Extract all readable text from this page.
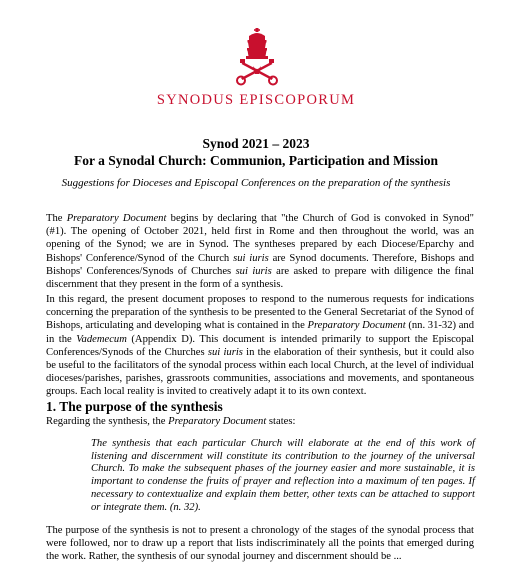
SYNODUS EPISCOPORUM
Synod 2021 – 2023
For a Synodal Church: Communion, Participation and Mission
Suggestions for Dioceses and Episcopal Conferences on the preparation of the synthesis
The Preparatory Document begins by declaring that "the Church of God is convoked in Synod" (#1). The opening of October 2021, held first in Rome and then throughout the world, was an opening of the Synod; we are in Synod. The syntheses prepared by each Diocese/Eparchy and Bishops' Conference/Synod of the Church sui iuris are Synod documents. Therefore, Bishops and Bishops' Conferences/Synods of Churches sui iuris are asked to prepare with diligence the final discernment that they present in the form of a synthesis.
In this regard, the present document proposes to respond to the numerous requests for indications concerning the preparation of the synthesis to be presented to the General Secretariat of the Synod of Bishops, articulating and developing what is contained in the Preparatory Document (nn. 31-32) and in the Vademecum (Appendix D). This document is intended primarily to support the Episcopal Conferences/Synods of the Churches sui iuris in the elaboration of their synthesis, but it could also be useful to the facilitators of the synodal process within each local Church, at the level of individual dioceses/parishes, parishes, grassroots communities, associations and movements, and spontaneous groups. Each local reality is invited to creatively adapt it to its own context.
1. The purpose of the synthesis
Regarding the synthesis, the Preparatory Document states:
The synthesis that each particular Church will elaborate at the end of this work of listening and discernment will constitute its contribution to the journey of the universal Church. To make the subsequent phases of the journey easier and more sustainable, it is important to condense the fruits of prayer and reflection into a maximum of ten pages. If necessary to contextualize and explain them better, other texts can be attached to support or integrate them. (n. 32).
The purpose of the synthesis is not to present a chronology of the stages of the synodal process that were followed, nor to draw up a report that lists indiscriminately all the points that emerged during the work. Rather, the synthesis of our synodal journey and discernment should be ...
